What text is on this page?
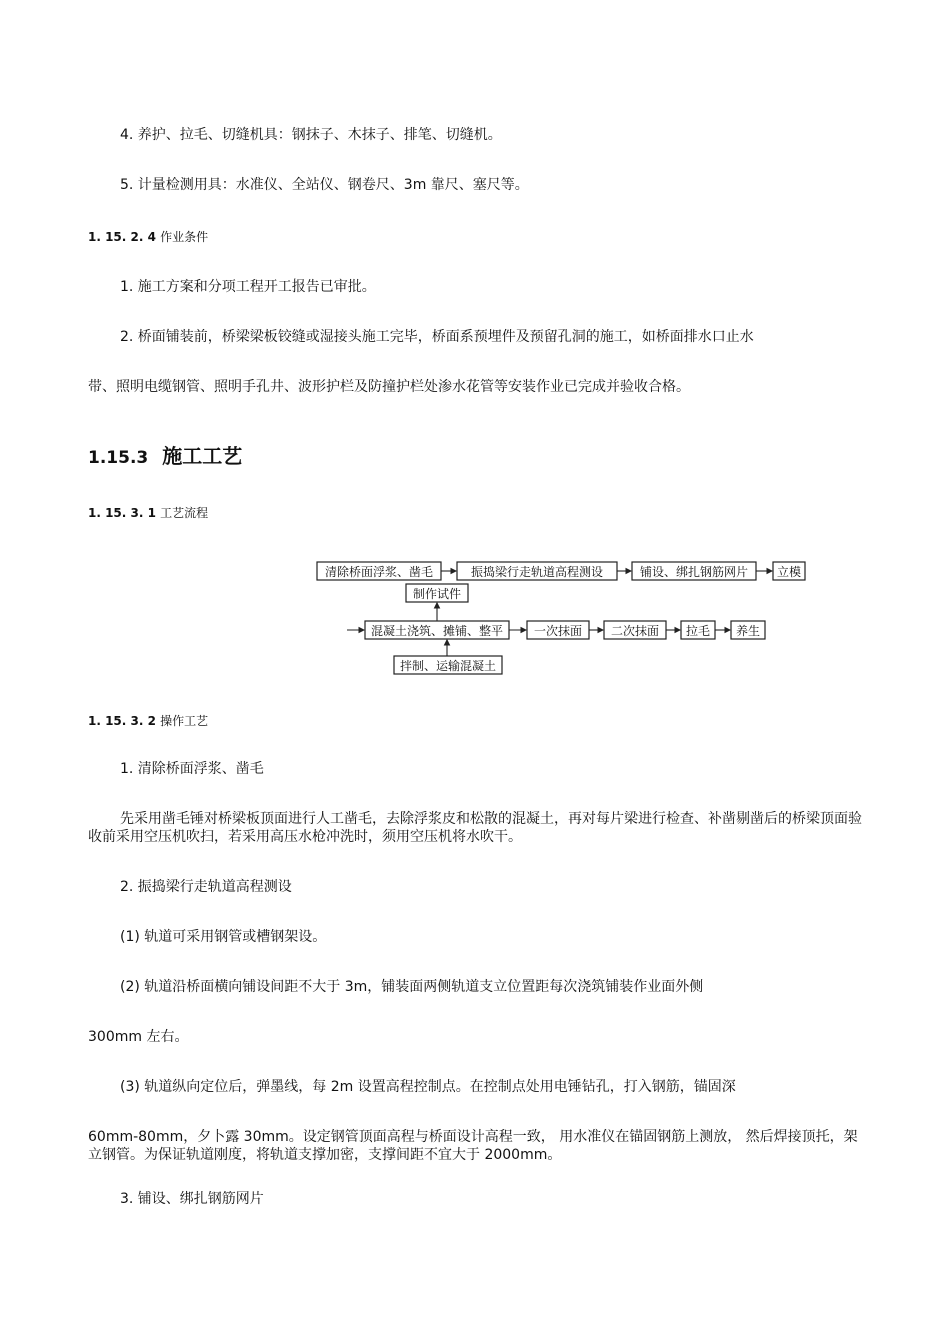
4. 养护、拉毛、切缝机具：钢抹子、木抹子、排笔、切缝机。
5. 计量检测用具：水准仪、全站仪、钢卷尺、3m 靠尺、塞尺等。
1. 15. 2. 4 作业条件
1. 施工方案和分项工程开工报告已审批。
2. 桥面铺装前，桥梁梁板铰缝或湿接头施工完毕，桥面系预埋件及预留孔洞的施工，如桥面排水口止水
带、照明电缆钢管、照明手孔井、波形护栏及防撞护栏处渗水花管等安装作业已完成并验收合格。
1.15.3 施工工艺
1. 15. 3. 1 工艺流程
清除桥面浮浆、凿毛	振捣梁行走轨道高程测设	铺设、绑扎钢筋网片 立模
制作试件
混凝土浇筑、摊铺、整平	一次抹面 二次抹面 拉毛 养生
拌制、运输混凝土
1. 15. 3. 2 操作工艺
1. 清除桥面浮浆、凿毛
先采用凿毛锤对桥梁板顶面进行人工凿毛，去除浮浆皮和松散的混凝土，再对每片梁进行检查、补凿剔凿后的桥梁顶面验收前采用空压机吹扫，若采用高压水枪冲洗时，须用空压机将水吹干。
2. 振捣梁行走轨道高程测设
(1) 轨道可采用钢管或槽钢架设。
(2) 轨道沿桥面横向铺设间距不大于 3m，铺装面两侧轨道支立位置距每次浇筑铺装作业面外侧
300mm 左右。
(3) 轨道纵向定位后，弹墨线，每 2m 设置高程控制点。在控制点处用电锤钻孔，打入钢筋，锚固深
60mm-80mm，夕卜露 30mm。设定钢管顶面高程与桥面设计高程一致， 用水准仪在锚固钢筋上测放， 然后焊接顶托，架立钢管。为保证轨道刚度，将轨道支撑加密，支撑间距不宜大于 2000mm。
3. 铺设、绑扎钢筋网片
